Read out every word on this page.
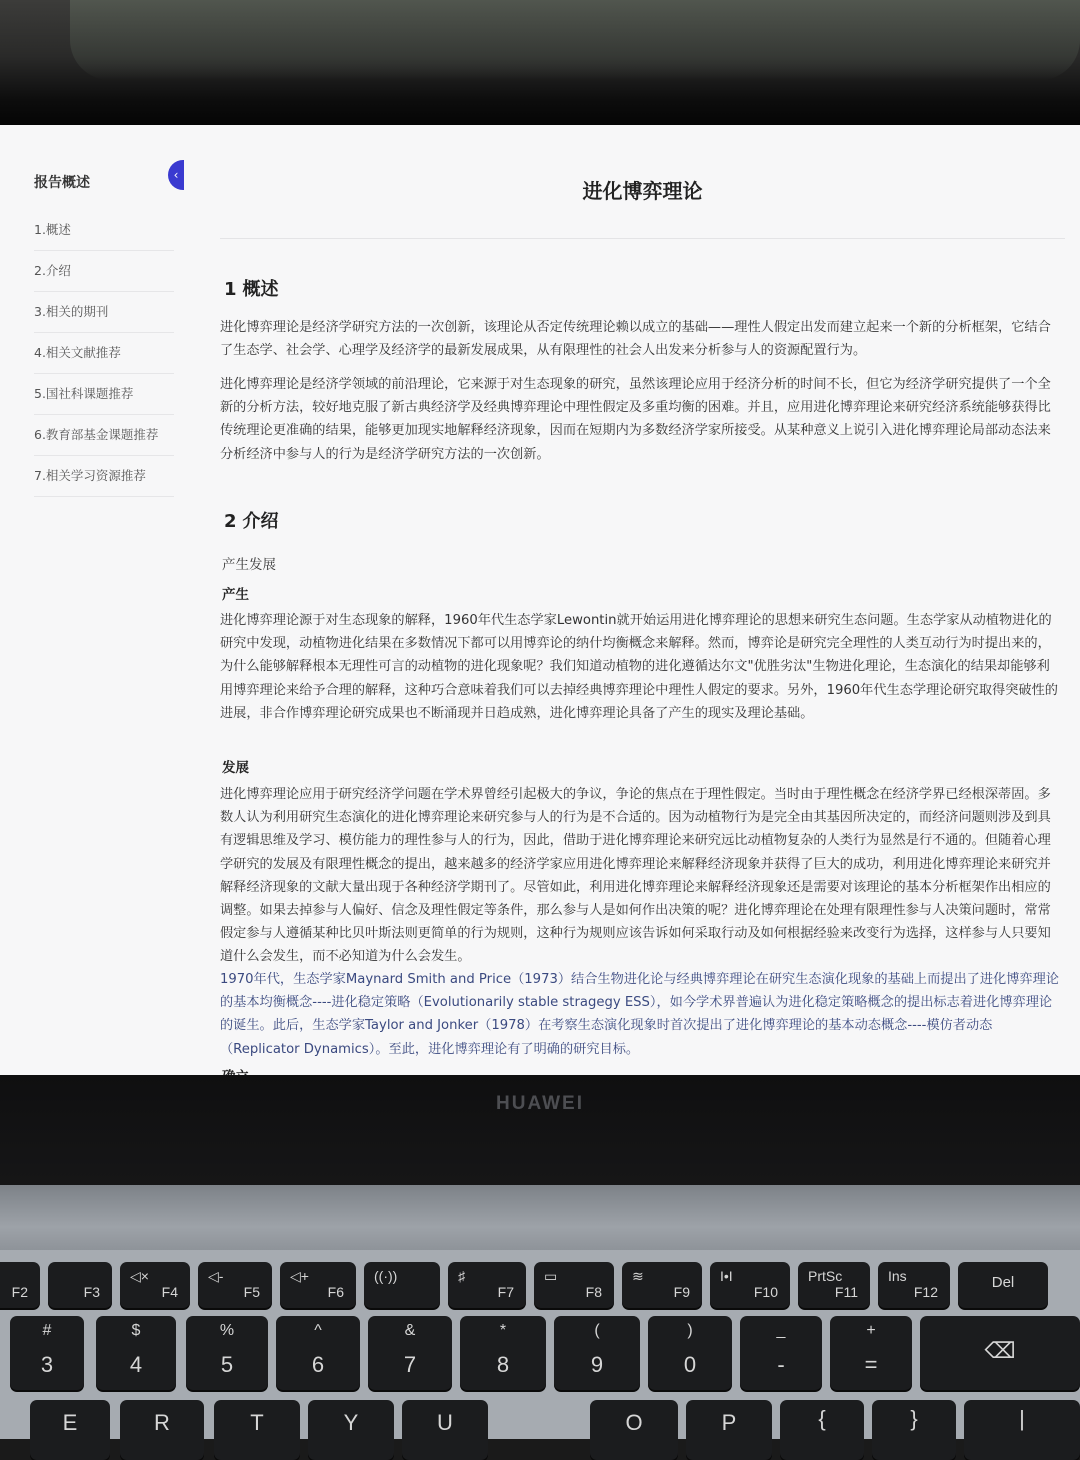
报告概述	‹
1.概述
2.介绍
3.相关的期刊
4.相关文献推荐
5.国社科课题推荐
6.教育部基金课题推荐
7.相关学习资源推荐
进化博弈理论
1 概述

进化博弈理论是经济学研究方法的一次创新，该理论从否定传统理论赖以成立的基础——理性人假定出发而建立起来一个新的分析框架，它结合了生态学、社会学、心理学及经济学的最新发展成果，从有限理性的社会人出发来分析参与人的资源配置行为。

进化博弈理论是经济学领域的前沿理论，它来源于对生态现象的研究，虽然该理论应用于经济分析的时间不长，但它为经济学研究提供了一个全新的分析方法，较好地克服了新古典经济学及经典博弈理论中理性假定及多重均衡的困难。并且，应用进化博弈理论来研究经济系统能够获得比传统理论更准确的结果，能够更加现实地解释经济现象，因而在短期内为多数经济学家所接受。从某种意义上说引入进化博弈理论局部动态法来分析经济中参与人的行为是经济学研究方法的一次创新。

2 介绍
产生发展
产生

进化博弈理论源于对生态现象的解释，1960年代生态学家Lewontin就开始运用进化博弈理论的思想来研究生态问题。生态学家从动植物进化的研究中发现，动植物进化结果在多数情况下都可以用博弈论的纳什均衡概念来解释。然而，博弈论是研究完全理性的人类互动行为时提出来的，为什么能够解释根本无理性可言的动植物的进化现象呢？我们知道动植物的进化遵循达尔文"优胜劣汰"生物进化理论，生态演化的结果却能够利用博弈理论来给予合理的解释，这种巧合意味着我们可以去掉经典博弈理论中理性人假定的要求。另外，1960年代生态学理论研究取得突破性的进展，非合作博弈理论研究成果也不断涌现并日趋成熟，进化博弈理论具备了产生的现实及理论基础。

发展

进化博弈理论应用于研究经济学问题在学术界曾经引起极大的争议，争论的焦点在于理性假定。当时由于理性概念在经济学界已经根深蒂固。多数人认为利用研究生态演化的进化博弈理论来研究参与人的行为是不合适的。因为动植物行为是完全由其基因所决定的，而经济问题则涉及到具有逻辑思维及学习、模仿能力的理性参与人的行为，因此，借助于进化博弈理论来研究远比动植物复杂的人类行为显然是行不通的。但随着心理学研究的发展及有限理性概念的提出，越来越多的经济学家应用进化博弈理论来解释经济现象并获得了巨大的成功，利用进化博弈理论来研究并解释经济现象的文献大量出现于各种经济学期刊了。尽管如此，利用进化博弈理论来解释经济现象还是需要对该理论的基本分析框架作出相应的调整。如果去掉参与人偏好、信念及理性假定等条件，那么参与人是如何作出决策的呢？进化博弈理论在处理有限理性参与人决策问题时，常常假定参与人遵循某种比贝叶斯法则更简单的行为规则，这种行为规则应该告诉如何采取行动及如何根据经验来改变行为选择，这样参与人只要知道什么会发生，而不必知道为什么会发生。

1970年代，生态学家Maynard Smith and Price（1973）结合生物进化论与经典博弈理论在研究生态演化现象的基础上而提出了进化博弈理论的基本均衡概念----进化稳定策略（Evolutionarily stable stragegy ESS），如今学术界普遍认为进化稳定策略概念的提出标志着进化博弈理论的诞生。此后，生态学家Taylor and Jonker（1978）在考察生态演化现象时首次提出了进化博弈理论的基本动态概念----模仿者动态（Replicator Dynamics）。至此，进化博弈理论有了明确的研究目标。

HUAWEI
F2	F3
◁×
F4
◁-
F5
◁+
F6
((·))	♯
F7
▭
F8
≋
F9
I•I
F10
PrtSc
F11
Ins
F12
Del
#
3
$
4
%
5
^
6
&
7
*
8
(
9
)
0
_
-
+
=
⌫
E	R	T	Y	U	O	P	{	}	|
